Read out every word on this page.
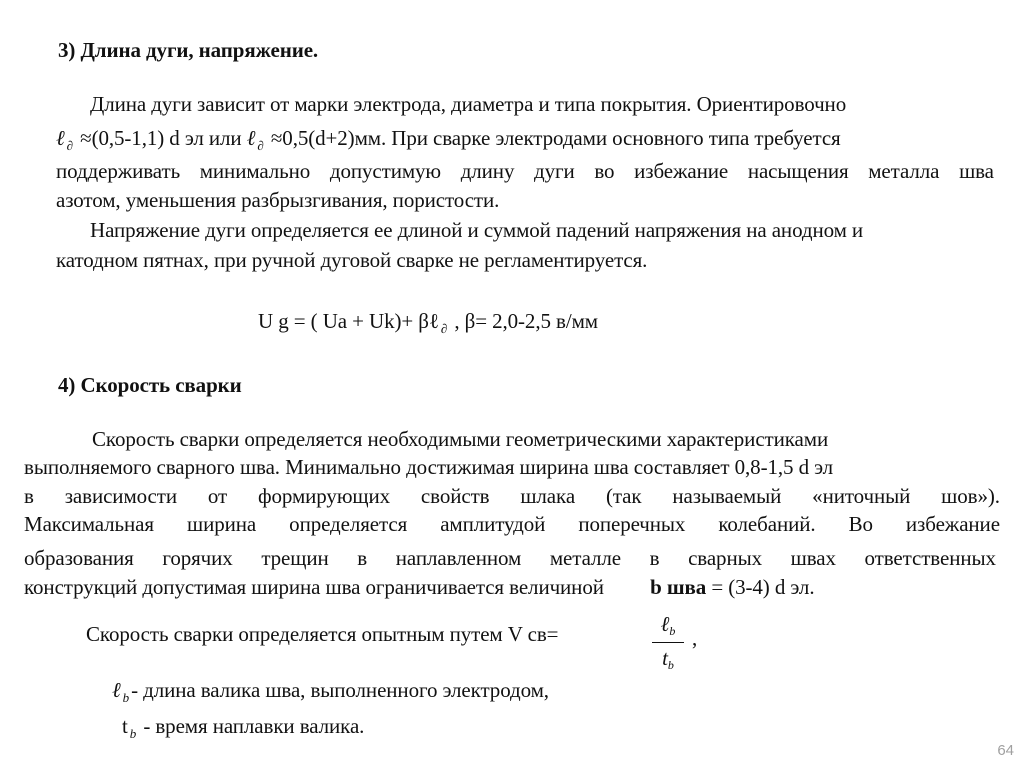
3) Длина дуги, напряжение.
Длина дуги зависит от марки электрода, диаметра и типа покрытия. Ориентировочно
ℓ $_\partial$ ≈(0,5-1,1) d эл или ℓ $_\partial$ ≈0,5(d+2)мм. При сварке электродами основного типа требуется
поддерживать минимально допустимую длину дуги во избежание насыщения металла шва
азотом, уменьшения разбрызгивания, пористости.
Напряжение дуги определяется ее длиной и суммой падений напряжения на анодном и
катодном пятнах, при ручной дуговой сварке не регламентируется.
U g = ( Ua + Uk)+ βℓ $_\partial$ , β= 2,0-2,5 в/мм
4) Скорость сварки
Скорость сварки определяется необходимыми геометрическими характеристиками
выполняемого сварного шва. Минимально достижимая ширина шва составляет 0,8-1,5 d эл
в зависимости от формирующих свойств шлака (так называемый «ниточный шов»).
Максимальная ширина определяется амплитудой поперечных колебаний. Во избежание
образования горячих трещин в наплавленном металле в сварных швах ответственных
конструкций допустимая ширина шва ограничивается величиной b шва = (3-4) d эл.
Скорость сварки определяется опытным путем V св=	ℓb
tb
,
ℓ $_b$- длина валика шва, выполненного электродом,
t $_b$ - время наплавки валика.
64
